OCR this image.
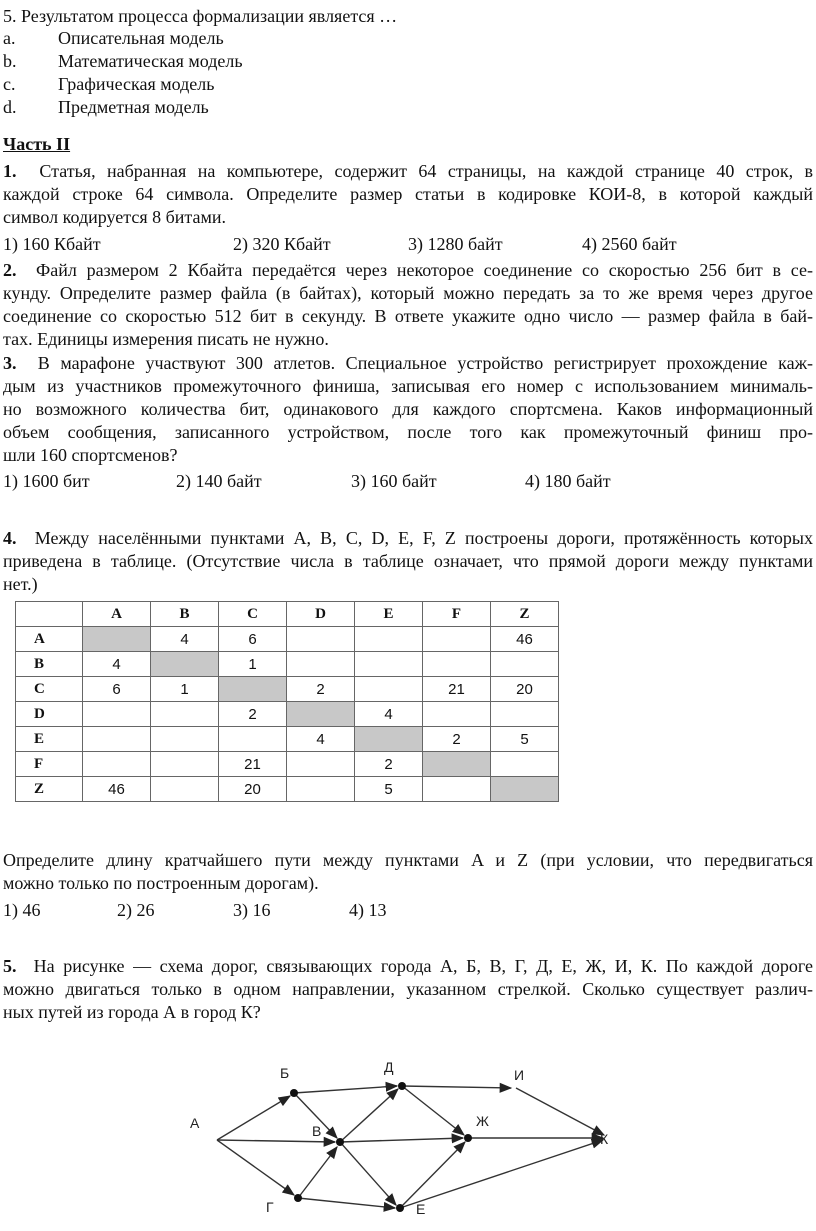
5. Результатом процесса формализации является …
a. Описательная модель
b. Математическая модель
c. Графическая модель
d. Предметная модель
Часть II
1. Статья, набранная на компьютере, содержит 64 страницы, на каждой странице 40 строк, в
каждой строке 64 символа. Определите размер статьи в кодировке КОИ-8, в которой каждый
символ кодируется 8 битами.
1) 160 Кбайт	2) 320 Кбайт	3) 1280 байт	4) 2560 байт
2. Файл размером 2 Кбайта передаётся через некоторое соединение со скоростью 256 бит в се-
кунду. Определите размер файла (в байтах), который можно передать за то же время через другое
соединение со скоростью 512 бит в секунду. В ответе укажите одно число — размер файла в бай-
тах. Единицы измерения писать не нужно.
3. В марафоне участвуют 300 атлетов. Специальное устройство регистрирует прохождение каж-
дым из участников промежуточного финиша, записывая его номер с использованием минималь-
но возможного количества бит, одинакового для каждого спортсмена. Каков информационный
объем сообщения, записанного устройством, после того как промежуточный финиш про-
шли 160 спортсменов?
1) 1600 бит	2) 140 байт	3) 160 байт	4) 180 байт
4. Между населёнными пунктами A, B, C, D, E, F, Z построены дороги, протяжённость которых
приведена в таблице. (Отсутствие числа в таблице означает, что прямой дороги между пунктами
нет.)
	A	B	C	D	E	F	Z
A		4	6				46
B	4		1				
C	6	1		2		21	20
D			2		4		
E				4		2	5
F			21		2		
Z	46		20		5		
Определите длину кратчайшего пути между пунктами A и Z (при условии, что передвигаться
можно только по построенным дорогам).
1) 46	2) 26	3) 16	4) 13
5. На рисунке — схема дорог, связывающих города А, Б, В, Г, Д, Е, Ж, И, К. По каждой дороге
можно двигаться только в одном направлении, указанном стрелкой. Сколько существует различ-
ных путей из города А в город К?
А
Б
В
Г
Д
Е
Ж
И
К
